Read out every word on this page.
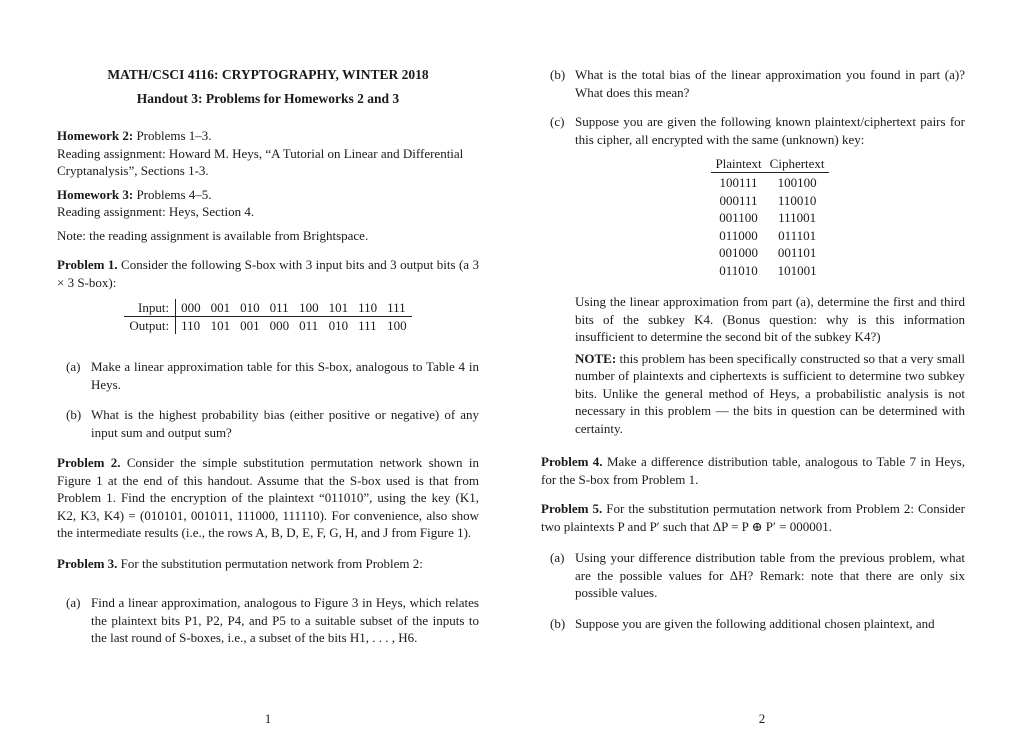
MATH/CSCI 4116: CRYPTOGRAPHY, WINTER 2018

Handout 3: Problems for Homeworks 2 and 3

Homework 2: Problems 1–3.

Reading assignment: Howard M. Heys, “A Tutorial on Linear and Differential Cryptanalysis”, Sections 1-3.

Homework 3: Problems 4–5.

Reading assignment: Heys, Section 4.

Note: the reading assignment is available from Brightspace.

Problem 1. Consider the following S-box with 3 input bits and 3 output bits (a 3 × 3 S-box):

Input:	000	001	010	011	100	101	110	111
Output:	110	101	001	000	011	010	111	100
(a) Make a linear approximation table for this S-box, analogous to Table 4 in Heys.
(b) What is the highest probability bias (either positive or negative) of any input sum and output sum?

Problem 2. Consider the simple substitution permutation network shown in Figure 1 at the end of this handout. Assume that the S-box used is that from Problem 1. Find the encryption of the plaintext “011010”, using the key (K1, K2, K3, K4) = (010101, 001011, 111000, 111110). For convenience, also show the intermediate results (i.e., the rows A, B, D, E, F, G, H, and J from Figure 1).

Problem 3. For the substitution permutation network from Problem 2:

(a) Find a linear approximation, analogous to Figure 3 in Heys, which relates the plaintext bits P1, P2, P4, and P5 to a suitable subset of the inputs to the last round of S-boxes, i.e., a subset of the bits H1, . . . , H6.
1
(b) What is the total bias of the linear approximation you found in part (a)? What does this mean?
(c) Suppose you are given the following known plaintext/ciphertext pairs for this cipher, all encrypted with the same (unknown) key:
Plaintext	Ciphertext
100111	100100
000111	110010
001100	111001
011000	011101
001000	001101
011010	101001

Using the linear approximation from part (a), determine the first and third bits of the subkey K4. (Bonus question: why is this information insufficient to determine the second bit of the subkey K4?)

NOTE: this problem has been specifically constructed so that a very small number of plaintexts and ciphertexts is sufficient to determine two subkey bits. Unlike the general method of Heys, a probabilistic analysis is not necessary in this problem — the bits in question can be determined with certainty.

Problem 4. Make a difference distribution table, analogous to Table 7 in Heys, for the S-box from Problem 1.

Problem 5. For the substitution permutation network from Problem 2: Consider two plaintexts P and P′ such that ΔP = P ⊕ P′ = 000001.

(a) Using your difference distribution table from the previous problem, what are the possible values for ΔH? Remark: note that there are only six possible values.
(b) Suppose you are given the following additional chosen plaintext, and
2
